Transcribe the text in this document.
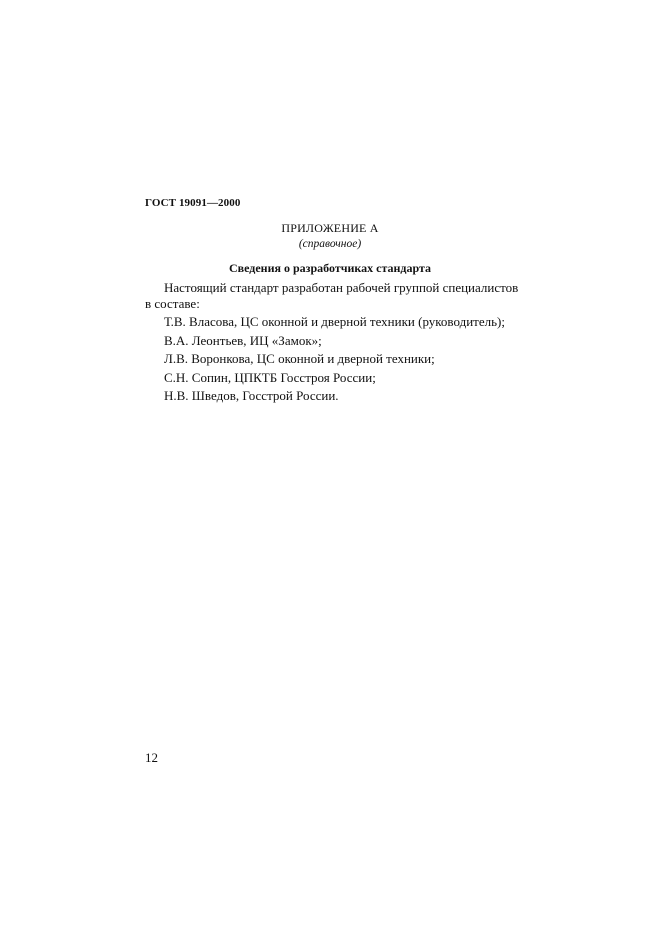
ГОСТ 19091—2000
ПРИЛОЖЕНИЕ А
(справочное)
Сведения о разработчиках стандарта

Настоящий стандарт разработан рабочей группой специалистов в составе:

Т.В. Власова, ЦС оконной и дверной техники (руководитель);
В.А. Леонтьев, ИЦ «Замок»;
Л.В. Воронкова, ЦС оконной и дверной техники;
С.Н. Сопин, ЦПКТБ Госстроя России;
Н.В. Шведов, Госстрой России.
12
